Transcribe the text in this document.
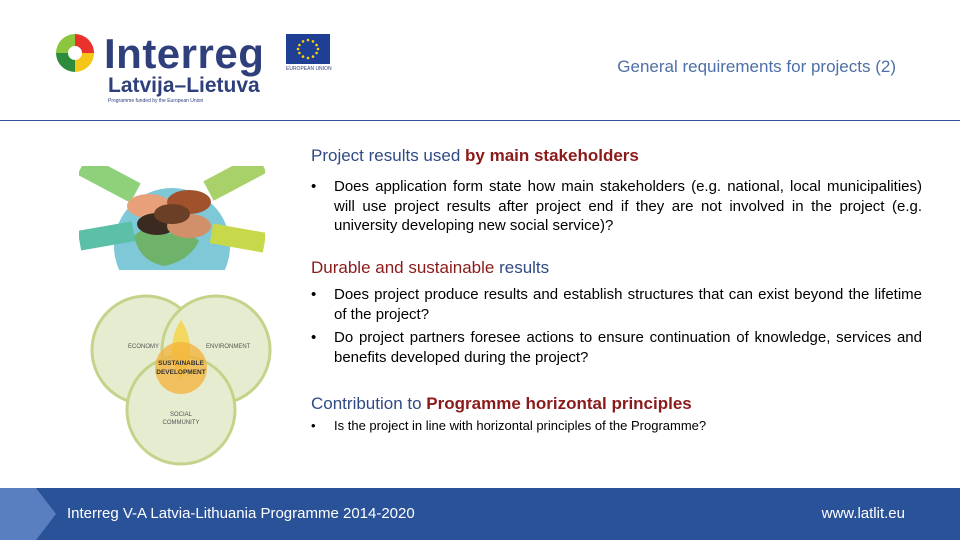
Interreg
Latvija–Lietuva
Programme funded by the European Union
EUROPEAN UNION	General requirements for projects (2)
ECONOMY	ENVIRONMENT
SUSTAINABLE
DEVELOPMENT
SOCIAL
COMMUNITY
Project results used by main stakeholders
• Does application form state how main stakeholders (e.g. national, local municipalities) will use project results after project end if they are not involved in the project (e.g. university developing new social service)?
Durable and sustainable results
• Does project produce results and establish structures that can exist beyond the lifetime of the project?
• Do project partners foresee actions to ensure continuation of knowledge, services and benefits developed during the project?
Contribution to Programme horizontal principles
• Is the project in line with horizontal principles of the Programme?
Interreg V-A Latvia-Lithuania Programme 2014-2020	www.latlit.eu
